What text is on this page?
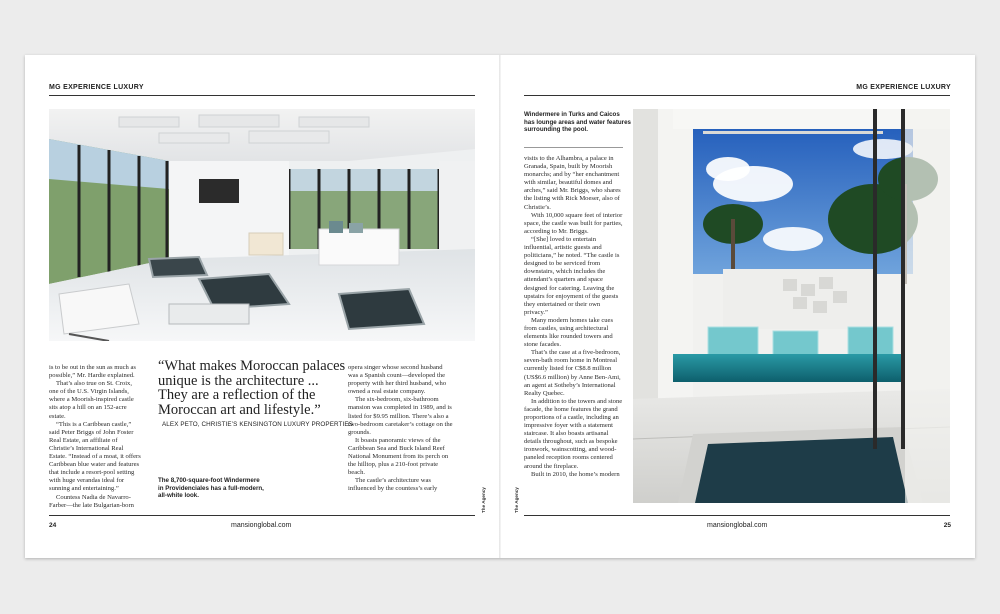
MG EXPERIENCE LUXURY

is to be out in the sun as much as possible,” Mr. Hardie explained.

That’s also true on St. Croix, one of the U.S. Virgin Islands, where a Moorish-inspired castle sits atop a hill on an 152-acre estate.

“This is a Caribbean castle,” said Peter Briggs of John Foster Real Estate, an affiliate of Christie’s International Real Estate. “Instead of a moat, it offers Caribbean blue water and features that include a resort-pool setting with huge verandas ideal for sunning and entertaining.”

Countess Nadia de Navarro-Farber—the late Bulgarian-born

“What makes Moroccan palaces
unique is the architecture ...
They are a reflection of the
Moroccan art and lifestyle.”
ALEX PETO, CHRISTIE’S KENSINGTON LUXURY PROPERTIES
The 8,700-square-foot Windermere
in Providenciales has a full-modern,
all-white look.

opera singer whose second husband was a Spanish count—developed the property with her third husband, who owned a real estate company.

The six-bedroom, six-bathroom mansion was completed in 1989, and is listed for $9.95 million. There’s also a two-bedroom caretaker’s cottage on the grounds.

It boasts panoramic views of the Caribbean Sea and Buck Island Reef National Monument from its perch on the hilltop, plus a 210-foot private beach.

The castle’s architecture was influenced by the countess’s early	The Agency
24	mansionglobal.com
MG EXPERIENCE LUXURY
Windermere in Turks and Caicos
has lounge areas and water features
surrounding the pool.

visits to the Alhambra, a palace in Granada, Spain, built by Moorish monarchs; and by “her enchantment with similar, beautiful domes and arches,” said Mr. Briggs, who shares the listing with Rick Moeser, also of Christie’s.

With 10,000 square feet of interior space, the castle was built for parties, according to Mr. Briggs.

“[She] loved to entertain influential, artistic guests and politicians,” he noted. “The castle is designed to be serviced from downstairs, which includes the attendant’s quarters and space designed for catering. Leaving the upstairs for enjoyment of the guests they entertained or their own privacy.”

Many modern homes take cues from castles, using architectural elements like rounded towers and stone facades.

That’s the case at a five-bedroom, seven-bath room home in Montreal currently listed for C$8.8 million (US$6.6 million) by Anne Ben-Ami, an agent at Sotheby’s International Realty Quebec.

In addition to the towers and stone facade, the home features the grand proportions of a castle, including an impressive foyer with a statement staircase. It also boasts artisanal details throughout, such as bespoke ironwork, wainscotting, and wood-paneled reception rooms centered around the fireplace.

Built in 2010, the home’s modern

The Agency
mansionglobal.com	25
